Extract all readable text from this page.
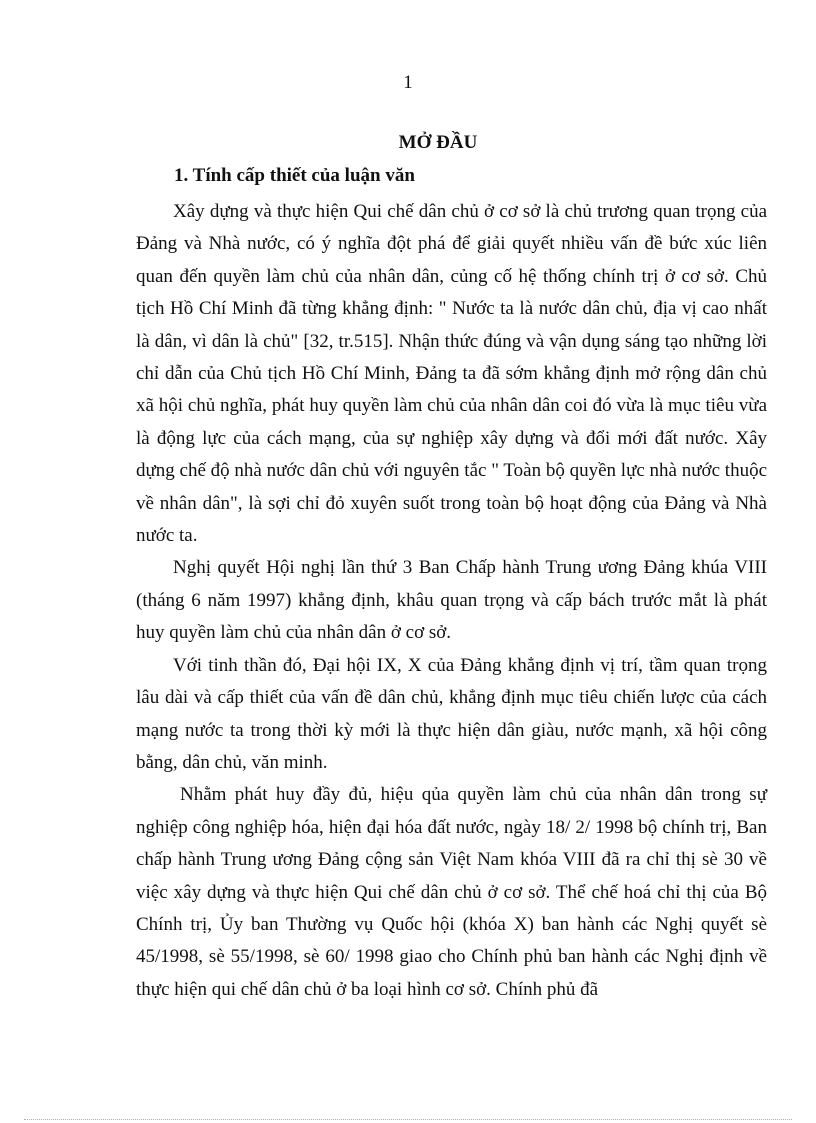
1
MỞ ĐẦU
1. Tính cấp thiết của luận văn

Xây dựng và thực hiện Qui chế dân chủ ở cơ sở là chủ trương quan trọng của Đảng và Nhà nước, có ý nghĩa đột phá để giải quyết nhiều vấn đề bức xúc liên quan đến quyền làm chủ của nhân dân, củng cố hệ thống chính trị ở cơ sở. Chủ tịch Hồ Chí Minh đã từng khẳng định: " Nước ta là nước dân chủ, địa vị cao nhất là dân, vì dân là chủ" [32, tr.515]. Nhận thức đúng và vận dụng sáng tạo những lời chỉ dẫn của Chủ tịch Hồ Chí Minh, Đảng ta đã sớm khẳng định mở rộng dân chủ xã hội chủ nghĩa, phát huy quyền làm chủ của nhân dân coi đó vừa là mục tiêu vừa là động lực của cách mạng, của sự nghiệp xây dựng và đổi mới đất nước. Xây dựng chế độ nhà nước dân chủ với nguyên tắc " Toàn bộ quyền lực nhà nước thuộc về nhân dân", là sợi chỉ đỏ xuyên suốt trong toàn bộ hoạt động của Đảng và Nhà nước ta.

Nghị quyết Hội nghị lần thứ 3 Ban Chấp hành Trung ương Đảng khúa VIII (tháng 6 năm 1997) khẳng định, khâu quan trọng và cấp bách trước mắt là phát huy quyền làm chủ của nhân dân ở cơ sở.

Với tinh thần đó, Đại hội IX, X của Đảng khẳng định vị trí, tầm quan trọng lâu dài và cấp thiết của vấn đề dân chủ, khẳng định mục tiêu chiến lược của cách mạng nước ta trong thời kỳ mới là thực hiện dân giàu, nước mạnh, xã hội công bằng, dân chủ, văn minh.

Nhằm phát huy đầy đủ, hiệu qủa quyền làm chủ của nhân dân trong sự nghiệp công nghiệp hóa, hiện đại hóa đất nước, ngày 18/ 2/ 1998 bộ chính trị, Ban chấp hành Trung ương Đảng cộng sản Việt Nam khóa VIII đã ra chỉ thị sè 30 về việc xây dựng và thực hiện Qui chế dân chủ ở cơ sở. Thể chế hoá chỉ thị của Bộ Chính trị, Ủy ban Thường vụ Quốc hội (khóa X) ban hành các Nghị quyết sè 45/1998, sè 55/1998, sè 60/ 1998 giao cho Chính phủ ban hành các Nghị định về thực hiện qui chế dân chủ ở ba loại hình cơ sở. Chính phủ đã
